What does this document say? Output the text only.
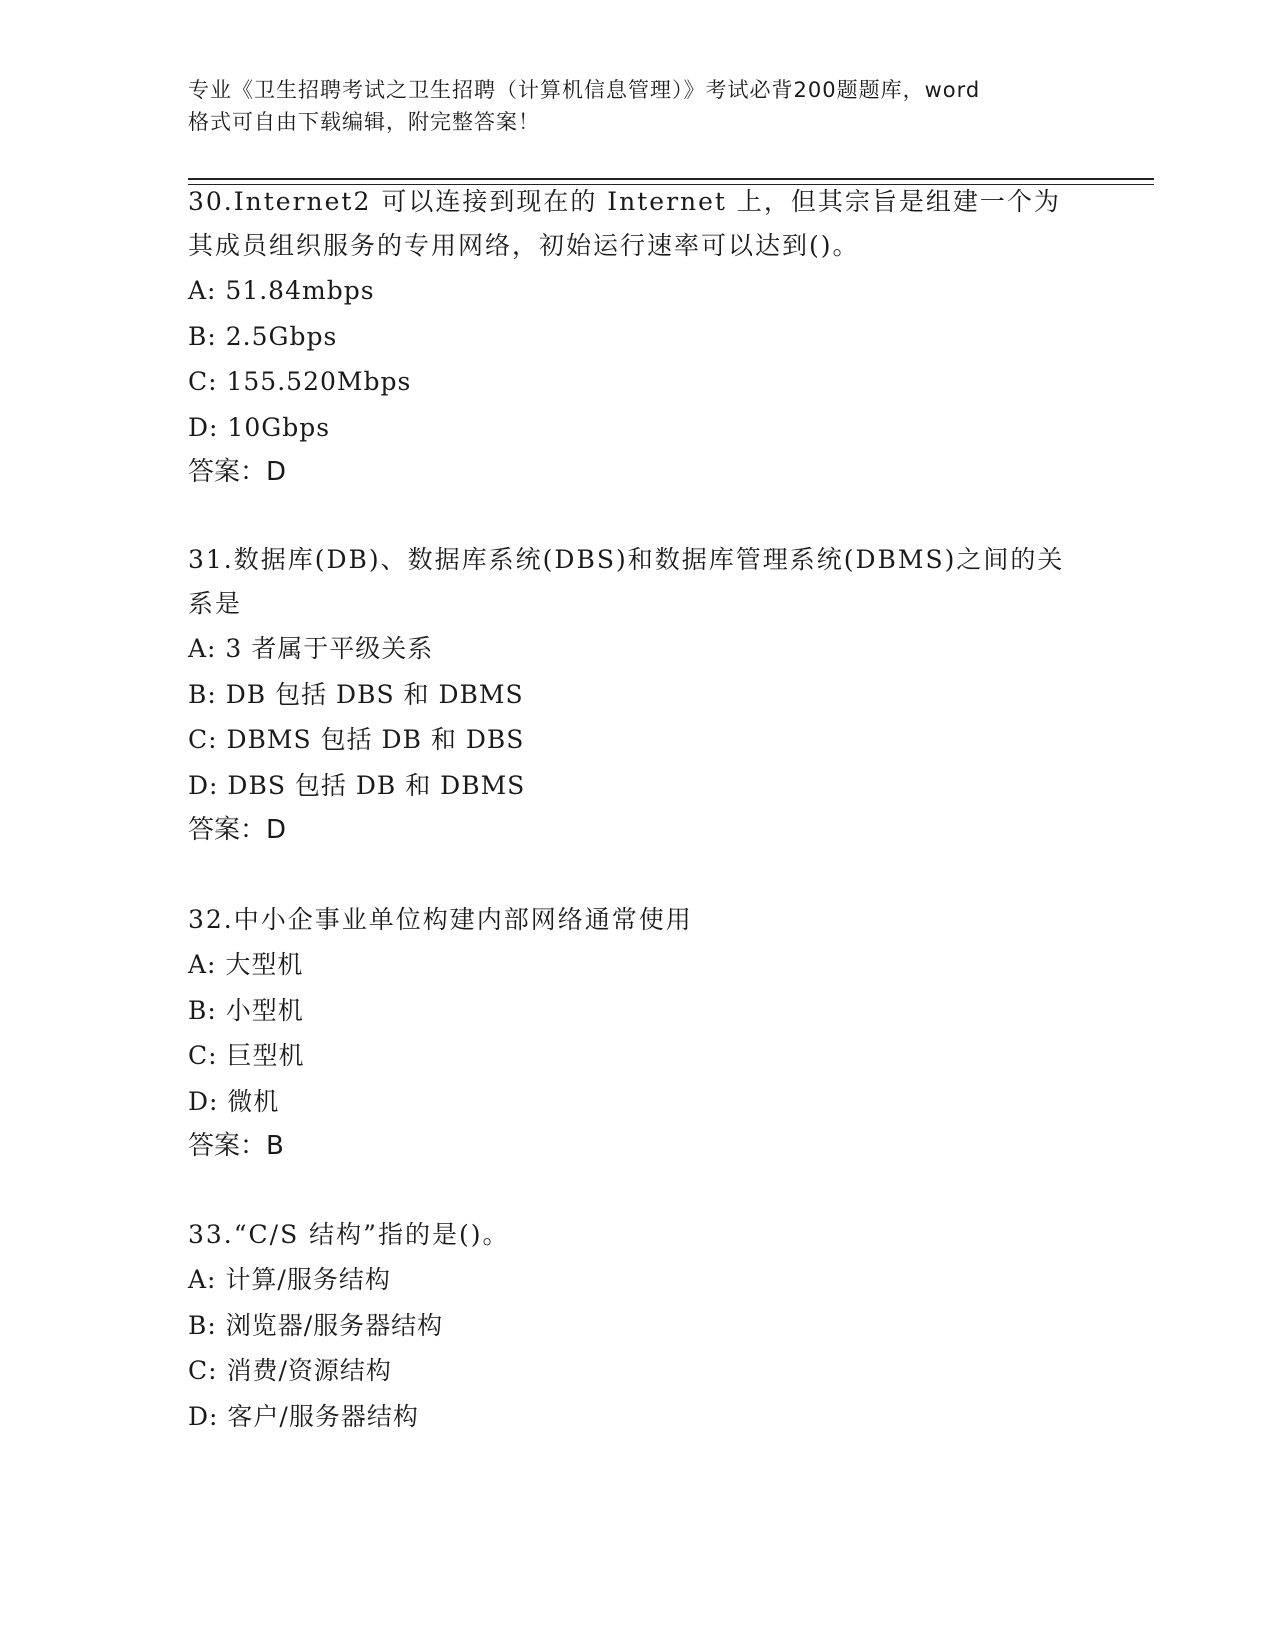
专业《卫生招聘考试之卫生招聘（计算机信息管理）》考试必背200题题库，word
格式可自由下载编辑，附完整答案！
30.Internet2 可以连接到现在的 Internet 上，但其宗旨是组建一个为
其成员组织服务的专用网络，初始运行速率可以达到()。
A: 51.84mbps
B: 2.5Gbps
C: 155.520Mbps
D: 10Gbps
答案：D
31.数据库(DB)、数据库系统(DBS)和数据库管理系统(DBMS)之间的关
系是
A: 3 者属于平级关系
B: DB 包括 DBS 和 DBMS
C: DBMS 包括 DB 和 DBS
D: DBS 包括 DB 和 DBMS
答案：D
32.中小企事业单位构建内部网络通常使用
A: 大型机
B: 小型机
C: 巨型机
D: 微机
答案：B
33.“C/S 结构”指的是()。
A: 计算/服务结构
B: 浏览器/服务器结构
C: 消费/资源结构
D: 客户/服务器结构
